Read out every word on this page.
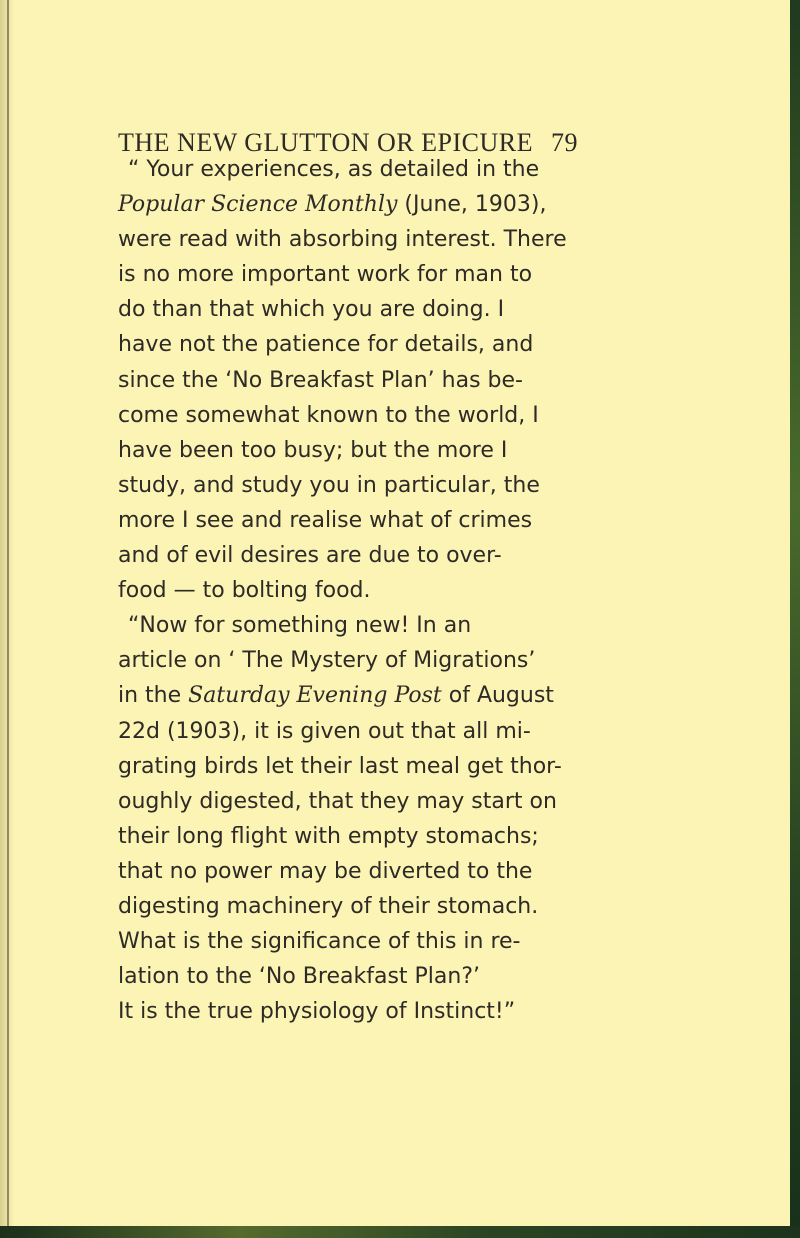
THE NEW GLUTTON OR EPICURE 79
“ Your experiences, as detailed in the
Popular Science Monthly (June, 1903),
were read with absorbing interest. There
is no more important work for man to
do than that which you are doing. I
have not the patience for details, and
since the ‘No Breakfast Plan’ has be-
come somewhat known to the world, I
have been too busy; but the more I
study, and study you in particular, the
more I see and realise what of crimes
and of evil desires are due to over-
food — to bolting food.
“Now for something new! In an
article on ‘ The Mystery of Migrations’
in the Saturday Evening Post of August
22d (1903), it is given out that all mi-
grating birds let their last meal get thor-
oughly digested, that they may start on
their long flight with empty stomachs;
that no power may be diverted to the
digesting machinery of their stomach.
What is the significance of this in re-
lation to the ‘No Breakfast Plan?’
It is the true physiology of Instinct!”
